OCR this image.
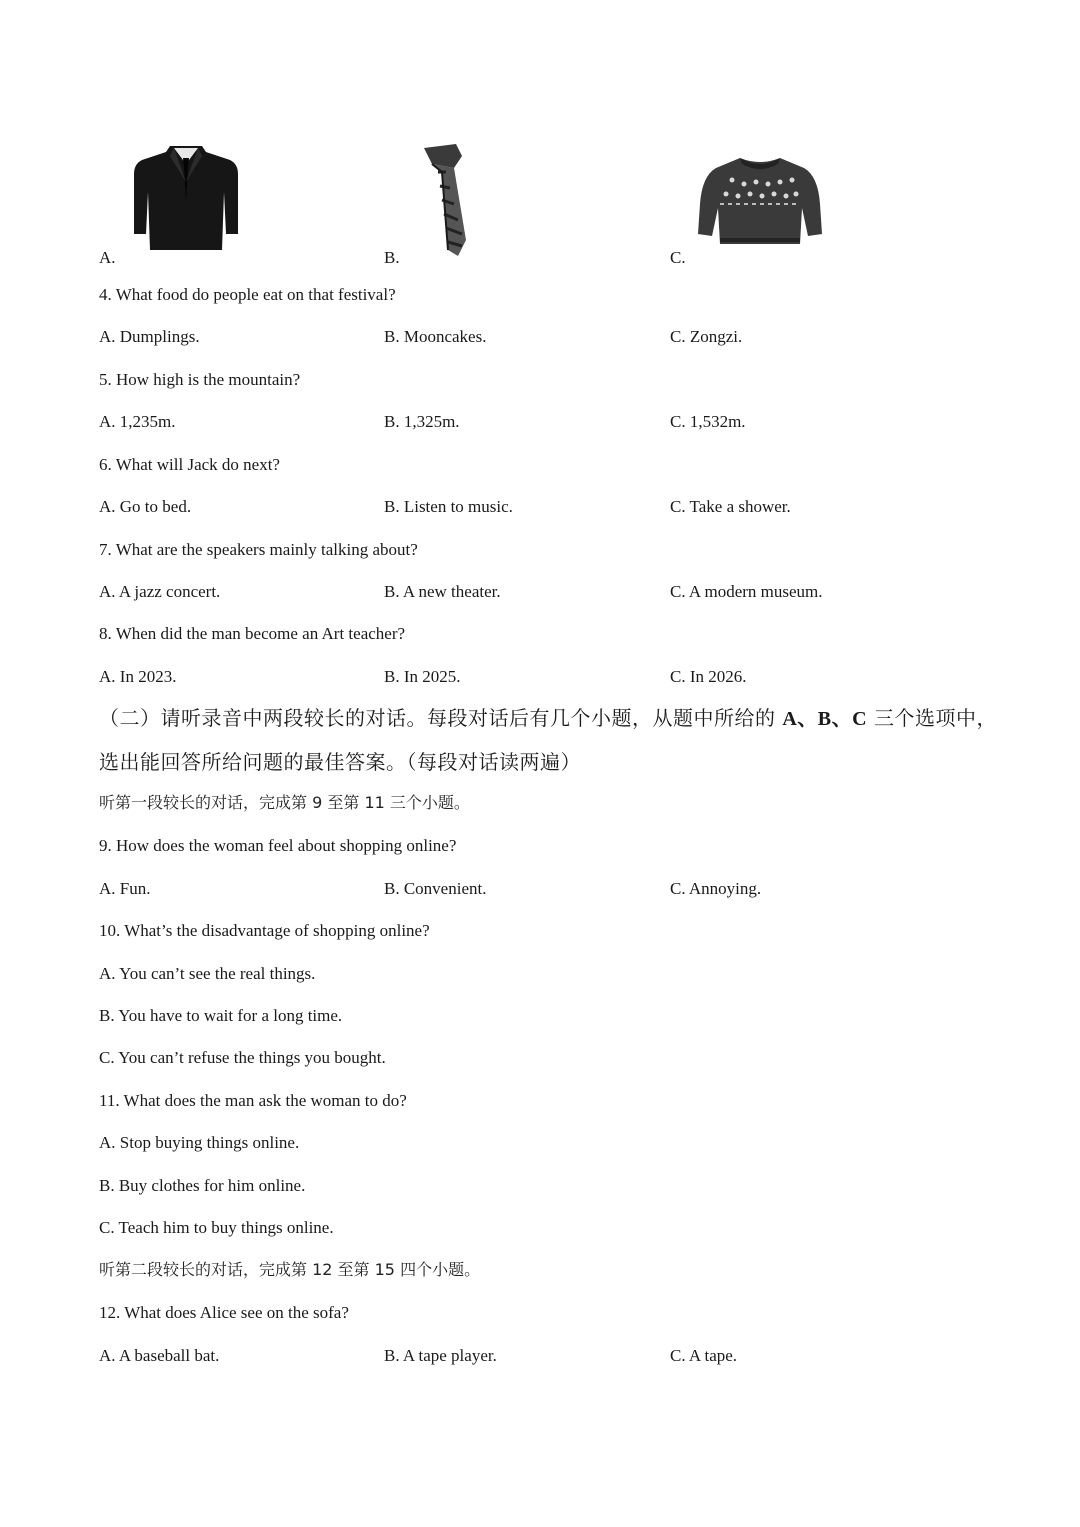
A.	B.	C.
4. What food do people eat on that festival?
A. Dumplings.	B. Mooncakes.	C. Zongzi.
5. How high is the mountain?
A. 1,235m.	B. 1,325m.	C. 1,532m.
6. What will Jack do next?
A. Go to bed.	B. Listen to music.	C. Take a shower.
7. What are the speakers mainly talking about?
A. A jazz concert.	B. A new theater.	C. A modern museum.
8. When did the man become an Art teacher?
A. In 2023.	B. In 2025.	C. In 2026.
（二）请听录音中两段较长的对话。每段对话后有几个小题，从题中所给的 A、B、C 三个选项中，选出能回答所给问题的最佳答案。（每段对话读两遍）
听第一段较长的对话，完成第 9 至第 11 三个小题。
9. How does the woman feel about shopping online?
A. Fun.	B. Convenient.	C. Annoying.
10. What’s the disadvantage of shopping online?
A. You can’t see the real things.
B. You have to wait for a long time.
C. You can’t refuse the things you bought.
11. What does the man ask the woman to do?
A. Stop buying things online.
B. Buy clothes for him online.
C. Teach him to buy things online.
听第二段较长的对话，完成第 12 至第 15 四个小题。
12. What does Alice see on the sofa?
A. A baseball bat.	B. A tape player.	C. A tape.
